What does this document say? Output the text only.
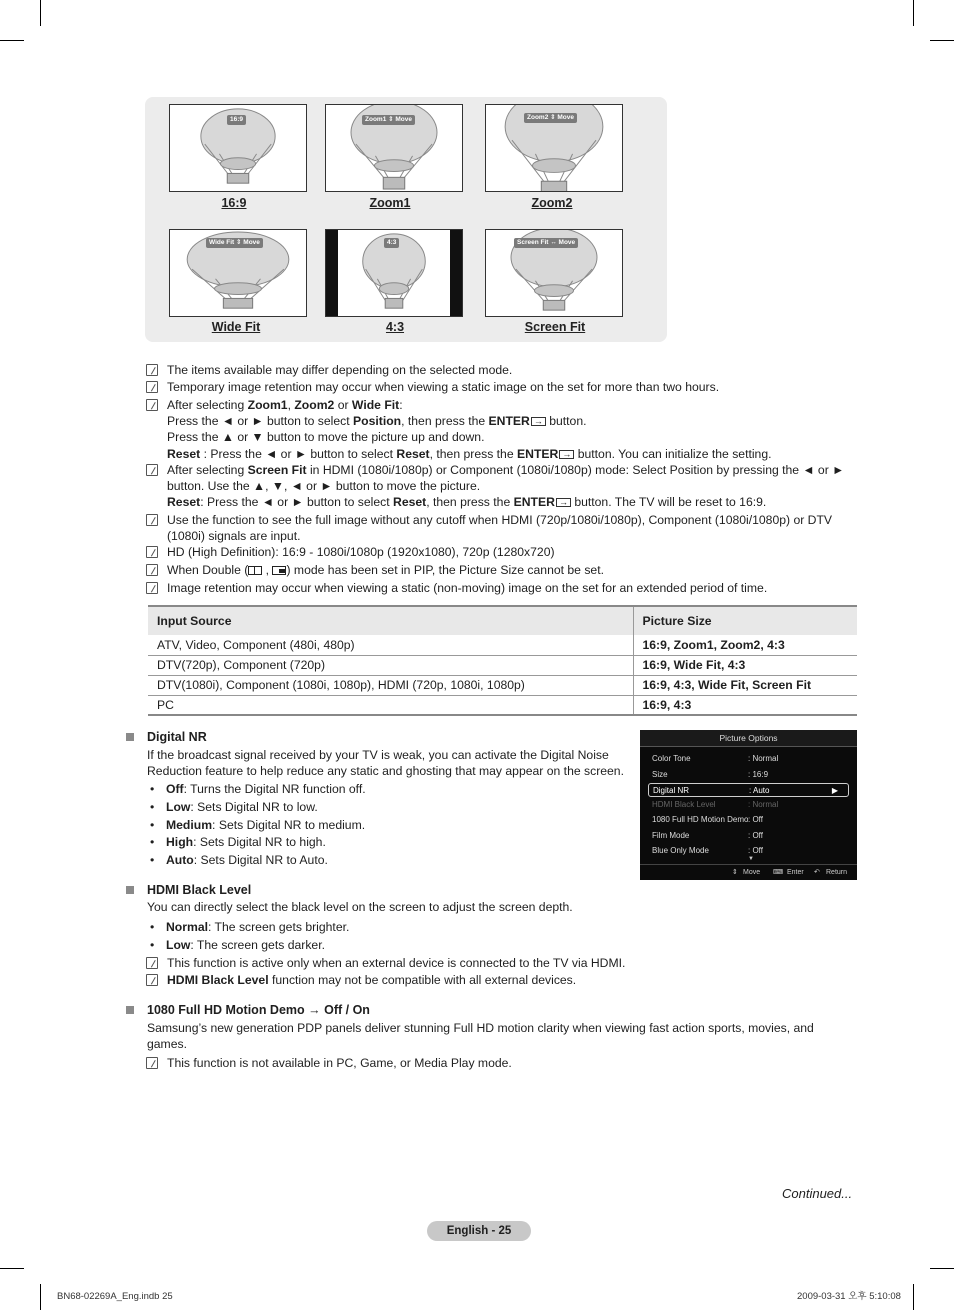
16:9	Zoom1 ⇕ Move	Zoom2 ⇕ Move
16:9	Zoom1	Zoom2
Wide Fit ⇕ Move	4:3	Screen Fit ↔ Move
Wide Fit	4:3	Screen Fit
The items available may differ depending on the selected mode.
Temporary image retention may occur when viewing a static image on the set for more than two hours.
After selecting Zoom1, Zoom2 or Wide Fit:
Press the ◄ or ► button to select Position, then press the ENTER→ button.
Press the ▲ or ▼ button to move the picture up and down.
Reset : Press the ◄ or ► button to select Reset, then press the ENTER→ button. You can initialize the setting.
After selecting Screen Fit in HDMI (1080i/1080p) or Component (1080i/1080p) mode: Select Position by pressing the ◄ or ►
button. Use the ▲, ▼, ◄ or ► button to move the picture.
Reset: Press the ◄ or ► button to select Reset, then press the ENTER→ button. The TV will be reset to 16:9.
Use the function to see the full image without any cutoff when HDMI (720p/1080i/1080p), Component (1080i/1080p) or DTV
(1080i) signals are input.
HD (High Definition): 16:9 - 1080i/1080p (1920x1080), 720p (1280x720)
When Double ( , ) mode has been set in PIP, the Picture Size cannot be set.
Image retention may occur when viewing a static (non-moving) image on the set for an extended period of time.
Input Source	Picture Size
ATV, Video, Component (480i, 480p)	16:9, Zoom1, Zoom2, 4:3
DTV(720p), Component (720p)	16:9, Wide Fit, 4:3
DTV(1080i), Component (1080i, 1080p), HDMI (720p, 1080i, 1080p)	16:9, 4:3, Wide Fit, Screen Fit
PC	16:9, 4:3
Digital NR
If the broadcast signal received by your TV is weak, you can activate the Digital Noise
Reduction feature to help reduce any static and ghosting that may appear on the screen.
• Off: Turns the Digital NR function off.
• Low: Sets Digital NR to low.
• Medium: Sets Digital NR to medium.
• High: Sets Digital NR to high.
• Auto: Sets Digital NR to Auto.
Picture Options
Color Tone	: Normal
Size	: 16:9
Digital NR	: Auto	▶
HDMI Black Level	: Normal
1080 Full HD Motion Demo : Off
Film Mode	: Off
Blue Only Mode	: Off
▼
⇕ Move ⌨ Enter ↶ Return
HDMI Black Level
You can directly select the black level on the screen to adjust the screen depth.
• Normal: The screen gets brighter.
• Low: The screen gets darker.
This function is active only when an external device is connected to the TV via HDMI.
HDMI Black Level function may not be compatible with all external devices.
1080 Full HD Motion Demo → Off / On
Samsung’s new generation PDP panels deliver stunning Full HD motion clarity when viewing fast action sports, movies, and
games.
This function is not available in PC, Game, or Media Play mode.
Continued...
English - 25
BN68-02269A_Eng.indb 25	2009-03-31 오후 5:10:08
